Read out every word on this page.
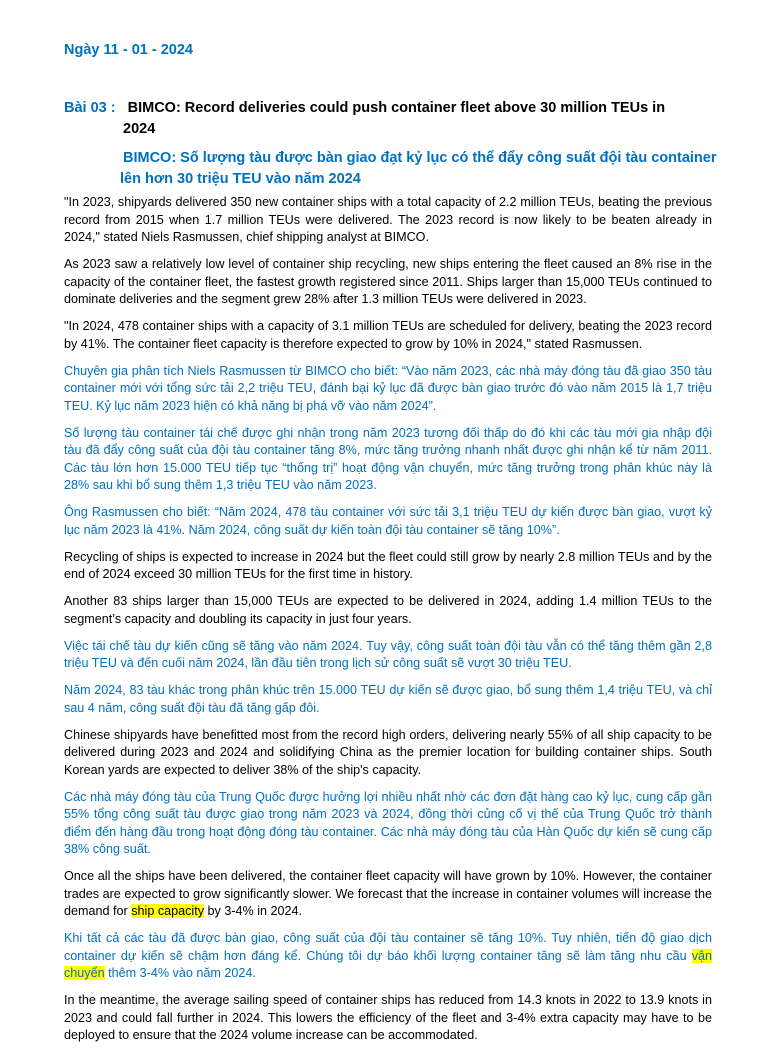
Ngày 11 - 01 - 2024
Bài 03 : BIMCO: Record deliveries could push container fleet above 30 million TEUs in
2024
BIMCO: Số lượng tàu được bàn giao đạt kỷ lục có thể đẩy công suất đội tàu container lên hơn 30 triệu TEU vào năm 2024

"In 2023, shipyards delivered 350 new container ships with a total capacity of 2.2 million TEUs, beating the previous record from 2015 when 1.7 million TEUs were delivered. The 2023 record is now likely to be beaten already in 2024," stated Niels Rasmussen, chief shipping analyst at BIMCO.

As 2023 saw a relatively low level of container ship recycling, new ships entering the fleet caused an 8% rise in the capacity of the container fleet, the fastest growth registered since 2011. Ships larger than 15,000 TEUs continued to dominate deliveries and the segment grew 28% after 1.3 million TEUs were delivered in 2023.

"In 2024, 478 container ships with a capacity of 3.1 million TEUs are scheduled for delivery, beating the 2023 record by 41%. The container fleet capacity is therefore expected to grow by 10% in 2024," stated Rasmussen.

Chuyên gia phân tích Niels Rasmussen từ BIMCO cho biết: “Vào năm 2023, các nhà máy đóng tàu đã giao 350 tàu container mới với tổng sức tải 2,2 triệu TEU, đánh bại kỷ lục đã được bàn giao trước đó vào năm 2015 là 1,7 triệu TEU. Kỷ lục năm 2023 hiện có khả năng bị phá vỡ vào năm 2024”.

Số lượng tàu container tái chế được ghi nhận trong năm 2023 tương đối thấp do đó khi các tàu mới gia nhập đội tàu đã đẩy công suất của đội tàu container tăng 8%, mức tăng trưởng nhanh nhất được ghi nhận kể từ năm 2011. Các tàu lớn hơn 15.000 TEU tiếp tục “thống trị” hoạt động vận chuyển, mức tăng trưởng trong phân khúc này là 28% sau khi bổ sung thêm 1,3 triệu TEU vào năm 2023.

Ông Rasmussen cho biết: “Năm 2024, 478 tàu container với sức tải 3,1 triệu TEU dự kiến được bàn giao, vượt kỷ lục năm 2023 là 41%. Năm 2024, công suất dự kiến toàn đội tàu container sẽ tăng 10%”.

Recycling of ships is expected to increase in 2024 but the fleet could still grow by nearly 2.8 million TEUs and by the end of 2024 exceed 30 million TEUs for the first time in history.

Another 83 ships larger than 15,000 TEUs are expected to be delivered in 2024, adding 1.4 million TEUs to the segment’s capacity and doubling its capacity in just four years.

Việc tái chế tàu dự kiến cũng sẽ tăng vào năm 2024. Tuy vậy, công suất toàn đội tàu vẫn có thể tăng thêm gần 2,8 triệu TEU và đến cuối năm 2024, lần đầu tiên trong lịch sử công suất sẽ vượt 30 triệu TEU.

Năm 2024, 83 tàu khác trong phân khúc trên 15.000 TEU dự kiến sẽ được giao, bổ sung thêm 1,4 triệu TEU, và chỉ sau 4 năm, công suất đội tàu đã tăng gấp đôi.

Chinese shipyards have benefitted most from the record high orders, delivering nearly 55% of all ship capacity to be delivered during 2023 and 2024 and solidifying China as the premier location for building container ships. South Korean yards are expected to deliver 38% of the ship's capacity.

Các nhà máy đóng tàu của Trung Quốc được hưởng lợi nhiều nhất nhờ các đơn đặt hàng cao kỷ lục, cung cấp gần 55% tổng công suất tàu được giao trong năm 2023 và 2024, đồng thời củng cố vị thế của Trung Quốc trở thành điểm đến hàng đầu trong hoạt động đóng tàu container. Các nhà máy đóng tàu của Hàn Quốc dự kiến sẽ cung cấp 38% công suất.

Once all the ships have been delivered, the container fleet capacity will have grown by 10%. However, the container trades are expected to grow significantly slower. We forecast that the increase in container volumes will increase the demand for ship capacity by 3-4% in 2024.

Khi tất cả các tàu đã được bàn giao, công suất của đội tàu container sẽ tăng 10%. Tuy nhiên, tiến độ giao dịch container dự kiến sẽ chậm hơn đáng kể. Chúng tôi dự báo khối lượng container tăng sẽ làm tăng nhu cầu vận chuyển thêm 3-4% vào năm 2024.

In the meantime, the average sailing speed of container ships has reduced from 14.3 knots in 2022 to 13.9 knots in 2023 and could fall further in 2024. This lowers the efficiency of the fleet and 3-4% extra capacity may have to be deployed to ensure that the 2024 volume increase can be accommodated.
